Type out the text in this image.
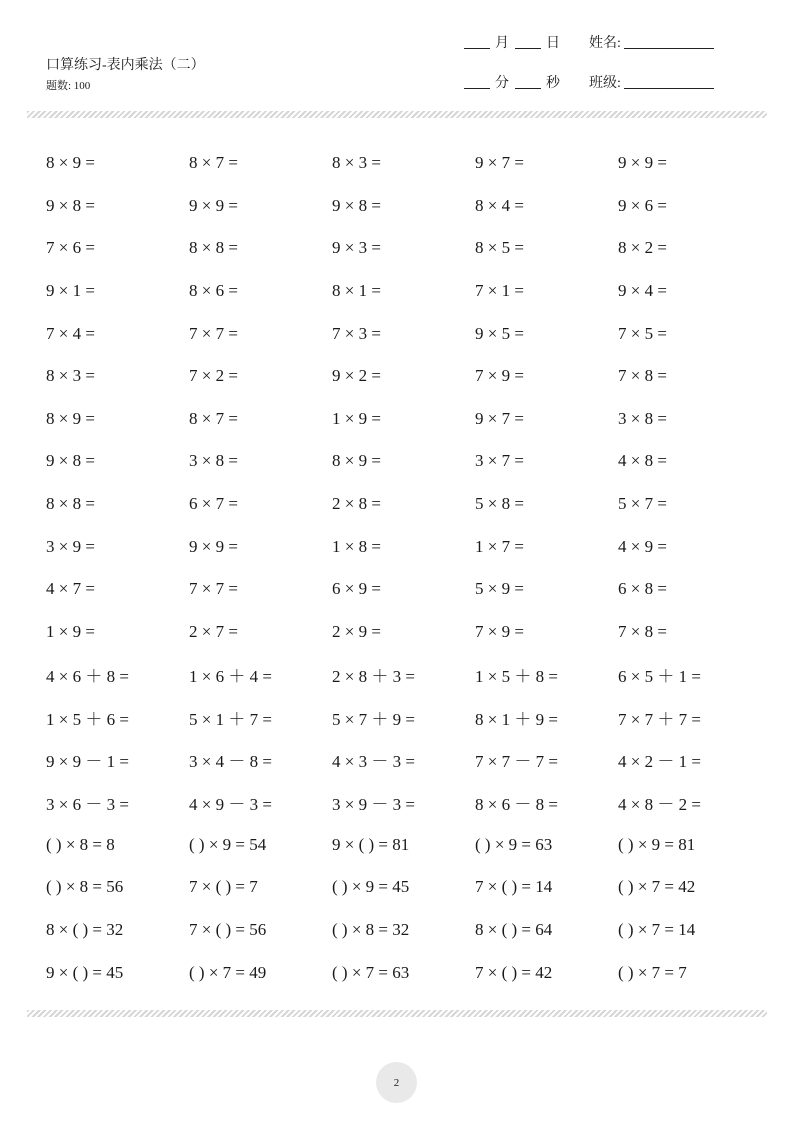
口算练习-表内乘法（二）
题数: 100
月	日
分	秒
姓名:
班级:
8 × 9 =	8 × 7 =	8 × 3 =	9 × 7 =	9 × 9 =
9 × 8 =	9 × 9 =	9 × 8 =	8 × 4 =	9 × 6 =
7 × 6 =	8 × 8 =	9 × 3 =	8 × 5 =	8 × 2 =
9 × 1 =	8 × 6 =	8 × 1 =	7 × 1 =	9 × 4 =
7 × 4 =	7 × 7 =	7 × 3 =	9 × 5 =	7 × 5 =
8 × 3 =	7 × 2 =	9 × 2 =	7 × 9 =	7 × 8 =
8 × 9 =	8 × 7 =	1 × 9 =	9 × 7 =	3 × 8 =
9 × 8 =	3 × 8 =	8 × 9 =	3 × 7 =	4 × 8 =
8 × 8 =	6 × 7 =	2 × 8 =	5 × 8 =	5 × 7 =
3 × 9 =	9 × 9 =	1 × 8 =	1 × 7 =	4 × 9 =
4 × 7 =	7 × 7 =	6 × 9 =	5 × 9 =	6 × 8 =
1 × 9 =	2 × 7 =	2 × 9 =	7 × 9 =	7 × 8 =
4 × 6 ＋ 8 =	1 × 6 ＋ 4 =	2 × 8 ＋ 3 =	1 × 5 ＋ 8 =	6 × 5 ＋ 1 =
1 × 5 ＋ 6 =	5 × 1 ＋ 7 =	5 × 7 ＋ 9 =	8 × 1 ＋ 9 =	7 × 7 ＋ 7 =
9 × 9 － 1 =	3 × 4 － 8 =	4 × 3 － 3 =	7 × 7 － 7 =	4 × 2 － 1 =
3 × 6 － 3 =	4 × 9 － 3 =	3 × 9 － 3 =	8 × 6 － 8 =	4 × 8 － 2 =
( ) × 8 = 8	( ) × 9 = 54	9 × ( ) = 81	( ) × 9 = 63	( ) × 9 = 81
( ) × 8 = 56	7 × ( ) = 7	( ) × 9 = 45	7 × ( ) = 14	( ) × 7 = 42
8 × ( ) = 32	7 × ( ) = 56	( ) × 8 = 32	8 × ( ) = 64	( ) × 7 = 14
9 × ( ) = 45	( ) × 7 = 49	( ) × 7 = 63	7 × ( ) = 42	( ) × 7 = 7
2
